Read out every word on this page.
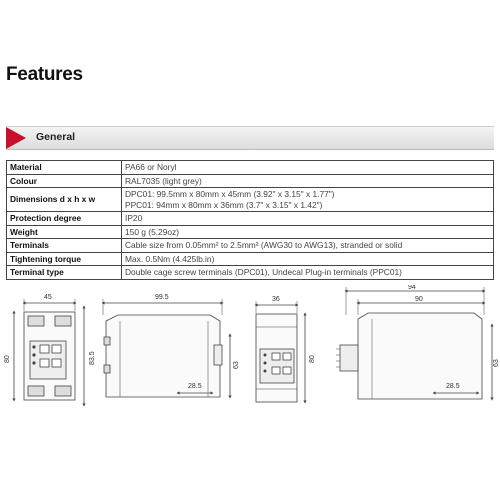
Features
General
Material	PA66 or Noryl
Colour	RAL7035 (light grey)
Dimensions d x h x w	DPC01: 99.5mm x 80mm x 45mm (3.92" x 3.15" x 1.77")
PPC01: 94mm x 80mm x 36mm (3.7" x 3.15" x 1.42")

Protection degree	IP20
Weight	150 g (5.29oz)
Terminals	Cable size from 0.05mm² to 2.5mm² (AWG30 to AWG13), stranded or solid
Tightening torque	Max. 0.5Nm (4.425lb.in)
Terminal type	Double cage screw terminals (DPC01), Undecal Plug-in terminals (PPC01)
45
80	83.5
99.5
63
28.5
36
80
94
90
63
28.5
